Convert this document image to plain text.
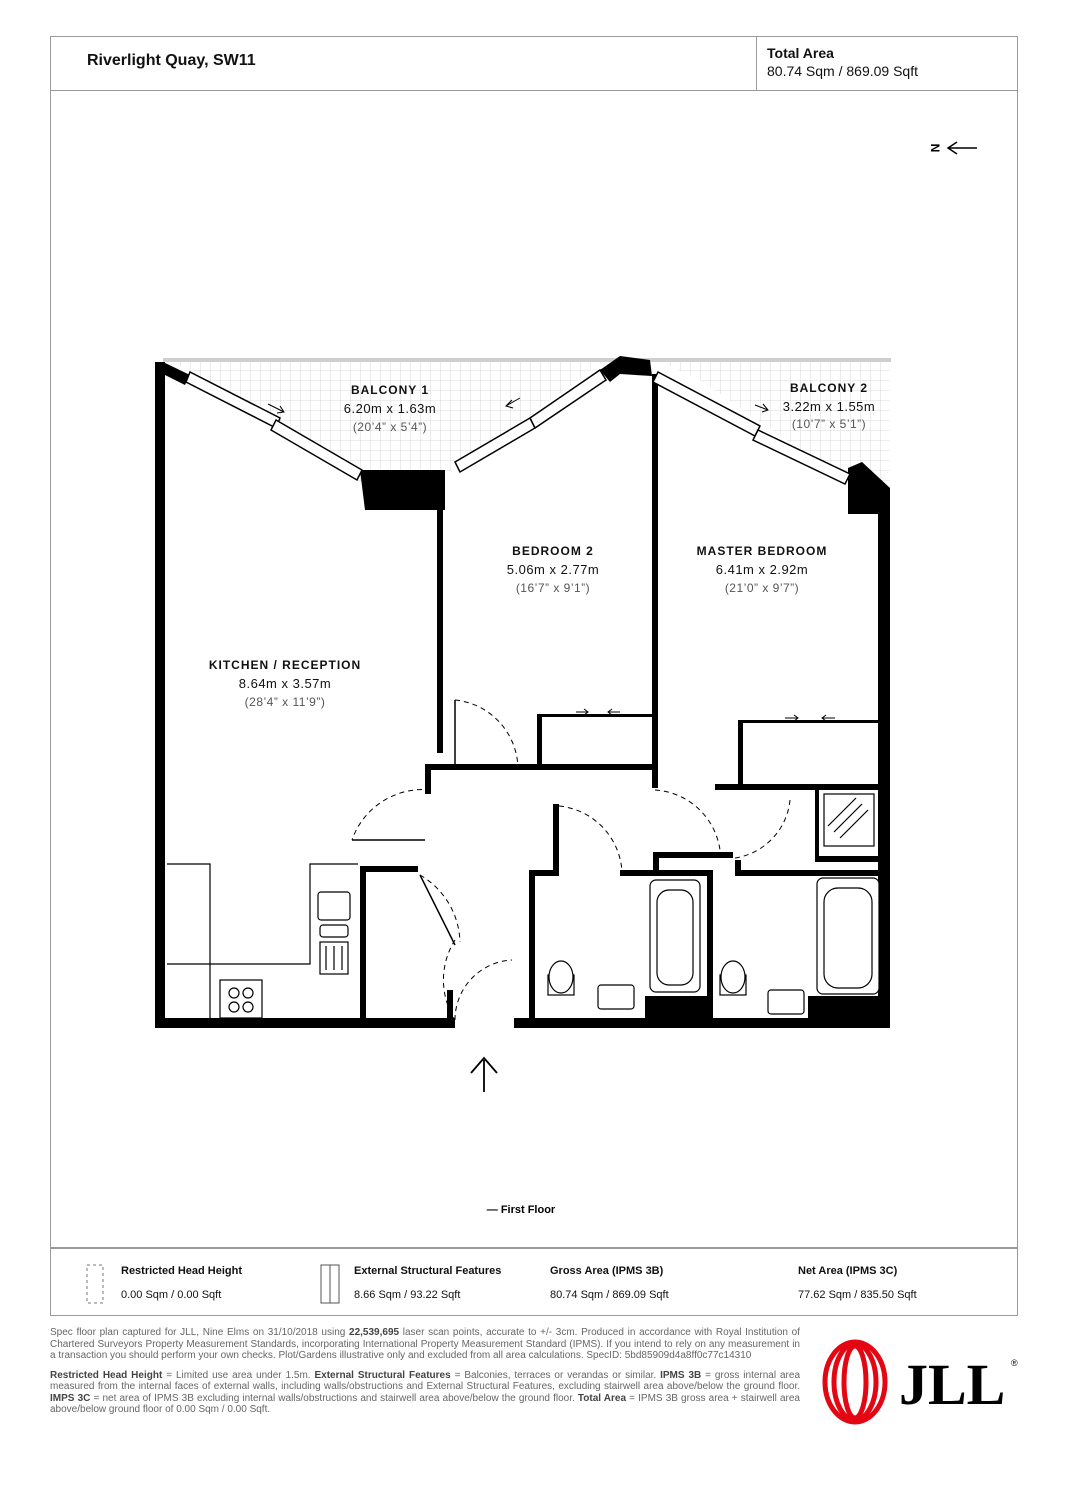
Riverlight Quay, SW11	Total Area
80.74 Sqm / 869.09 Sqft
N
BALCONY 1
6.20m x 1.63m
(20’4” x 5’4”)
BALCONY 2
3.22m x 1.55m
(10’7” x 5’1”)
BEDROOM 2
5.06m x 2.77m
(16’7” x 9’1”)
MASTER BEDROOM
6.41m x 2.92m
(21’0” x 9’7”)
KITCHEN / RECEPTION
8.64m x 3.57m
(28’4” x 11’9”)
— First Floor
Restricted Head Height
0.00 Sqm / 0.00 Sqft
External Structural Features
8.66 Sqm / 93.22 Sqft
Gross Area (IPMS 3B)
80.74 Sqm / 869.09 Sqft
Net Area (IPMS 3C)
77.62 Sqm / 835.50 Sqft

Spec floor plan captured for JLL, Nine Elms on 31/10/2018 using 22,539,695 laser scan points, accurate to +/- 3cm. Produced in accordance with Royal Institution of Chartered Surveyors Property Measurement Standards, incorporating International Property Measurement Standard (IPMS). If you intend to rely on any measurement in a transaction you should perform your own checks. Plot/Gardens illustrative only and excluded from all area calculations. SpecID: 5bd85909d4a8ff0c77c14310

Restricted Head Height = Limited use area under 1.5m. External Structural Features = Balconies, terraces or verandas or similar. IPMS 3B = gross internal area measured from the internal faces of external walls, including walls/obstructions and External Structural Features, excluding stairwell area above/below the ground floor. IMPS 3C = net area of IPMS 3B excluding internal walls/obstructions and stairwell area above/below the ground floor. Total Area = IPMS 3B gross area + stairwell area above/below ground floor of 0.00 Sqm / 0.00 Sqft.	JLL ®
